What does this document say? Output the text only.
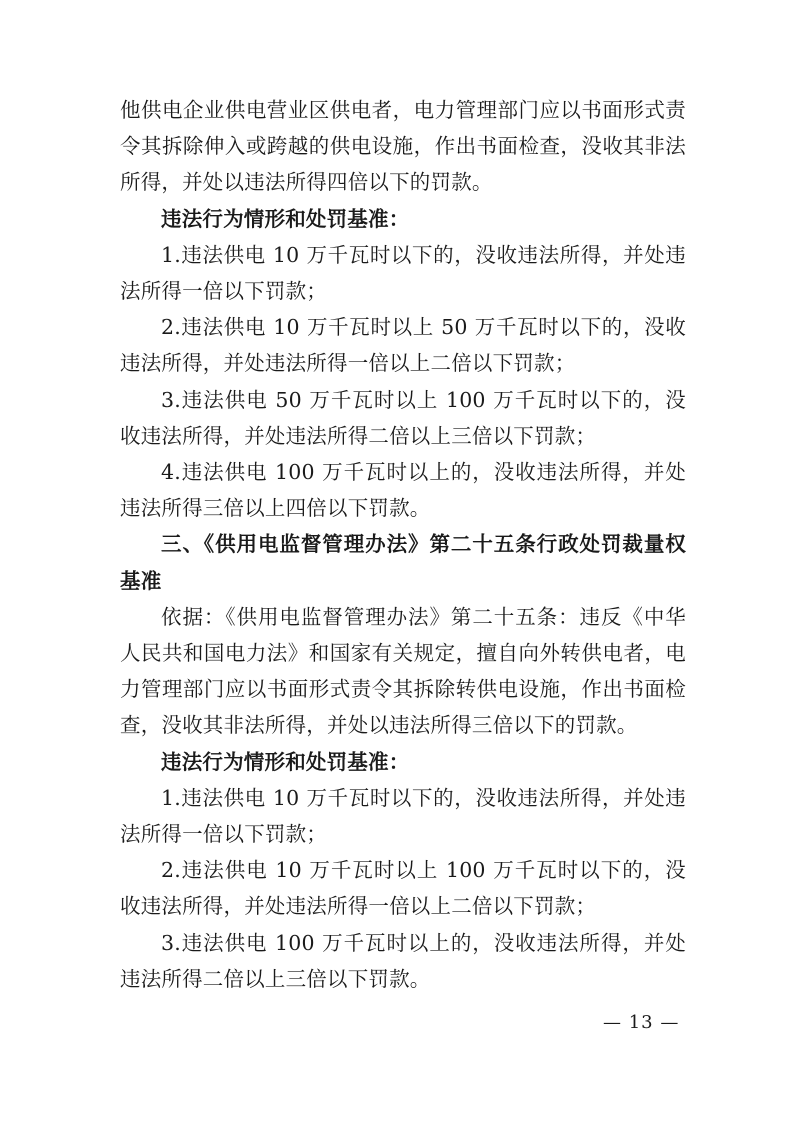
他供电企业供电营业区供电者，电力管理部门应以书面形式责令其拆除伸入或跨越的供电设施，作出书面检查，没收其非法所得，并处以违法所得四倍以下的罚款。

违法行为情形和处罚基准：

1.违法供电 10 万千瓦时以下的，没收违法所得，并处违法所得一倍以下罚款；

2.违法供电 10 万千瓦时以上 50 万千瓦时以下的，没收违法所得，并处违法所得一倍以上二倍以下罚款；

3.违法供电 50 万千瓦时以上 100 万千瓦时以下的，没收违法所得，并处违法所得二倍以上三倍以下罚款；

4.违法供电 100 万千瓦时以上的，没收违法所得，并处违法所得三倍以上四倍以下罚款。

三、《供用电监督管理办法》第二十五条行政处罚裁量权基准

依据：《供用电监督管理办法》第二十五条：违反《中华人民共和国电力法》和国家有关规定，擅自向外转供电者，电力管理部门应以书面形式责令其拆除转供电设施，作出书面检查，没收其非法所得，并处以违法所得三倍以下的罚款。

违法行为情形和处罚基准：

1.违法供电 10 万千瓦时以下的，没收违法所得，并处违法所得一倍以下罚款；

2.违法供电 10 万千瓦时以上 100 万千瓦时以下的，没收违法所得，并处违法所得一倍以上二倍以下罚款；

3.违法供电 100 万千瓦时以上的，没收违法所得，并处违法所得二倍以上三倍以下罚款。

— 13 —
